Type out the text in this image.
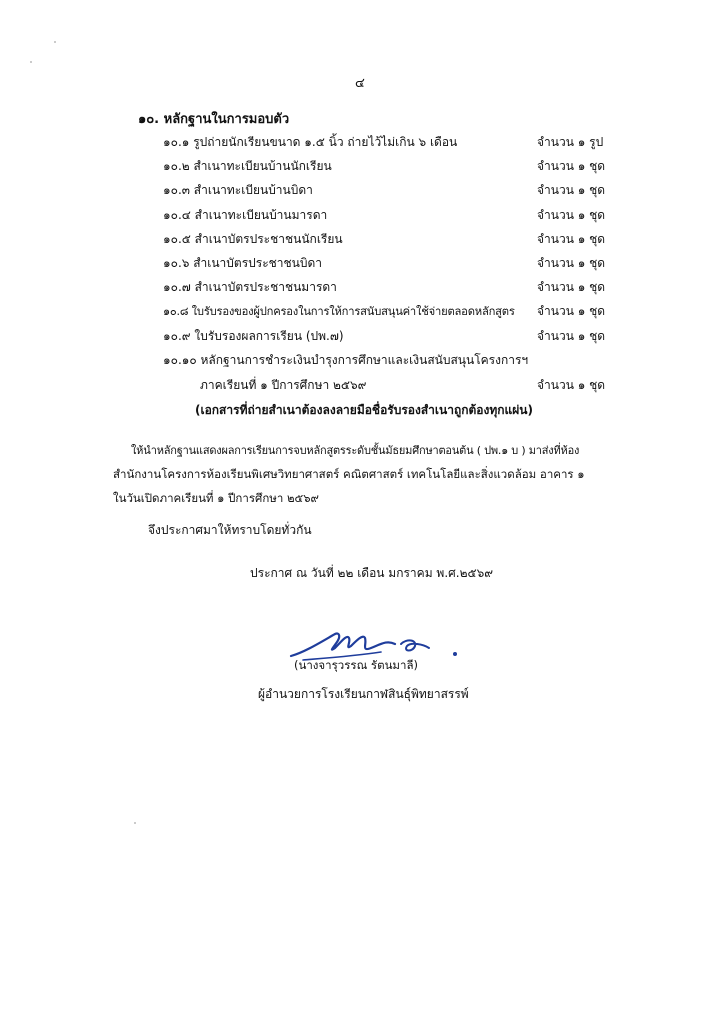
๔
๑๐. หลักฐานในการมอบตัว
๑๐.๑ รูปถ่ายนักเรียนขนาด ๑.๕ นิ้ว ถ่ายไว้ไม่เกิน ๖ เดือน	จำนวน ๑ รูป
๑๐.๒ สำเนาทะเบียนบ้านนักเรียน	จำนวน ๑ ชุด
๑๐.๓ สำเนาทะเบียนบ้านบิดา	จำนวน ๑ ชุด
๑๐.๔ สำเนาทะเบียนบ้านมารดา	จำนวน ๑ ชุด
๑๐.๕ สำเนาบัตรประชาชนนักเรียน	จำนวน ๑ ชุด
๑๐.๖ สำเนาบัตรประชาชนบิดา	จำนวน ๑ ชุด
๑๐.๗ สำเนาบัตรประชาชนมารดา	จำนวน ๑ ชุด
๑๐.๘ ใบรับรองของผู้ปกครองในการให้การสนับสนุนค่าใช้จ่ายตลอดหลักสูตร จำนวน ๑ ชุด
๑๐.๙ ใบรับรองผลการเรียน (ปพ.๗)	จำนวน ๑ ชุด
๑๐.๑๐ หลักฐานการชำระเงินบำรุงการศึกษาและเงินสนับสนุนโครงการฯ
ภาคเรียนที่ ๑ ปีการศึกษา ๒๕๖๙	จำนวน ๑ ชุด
(เอกสารที่ถ่ายสำเนาต้องลงลายมือชื่อรับรองสำเนาถูกต้องทุกแผ่น)
ให้นำหลักฐานแสดงผลการเรียนการจบหลักสูตรระดับชั้นมัธยมศึกษาตอนต้น ( ปพ.๑ บ ) มาส่งที่ห้อง
สำนักงานโครงการห้องเรียนพิเศษวิทยาศาสตร์ คณิตศาสตร์ เทคโนโลยีและสิ่งแวดล้อม อาคาร ๑
ในวันเปิดภาคเรียนที่ ๑ ปีการศึกษา ๒๕๖๙
จึงประกาศมาให้ทราบโดยทั่วกัน
ประกาศ ณ วันที่ ๒๒ เดือน มกราคม พ.ศ.๒๕๖๙
(นางจารุวรรณ รัตนมาลี)
ผู้อำนวยการโรงเรียนกาฬสินธุ์พิทยาสรรพ์
